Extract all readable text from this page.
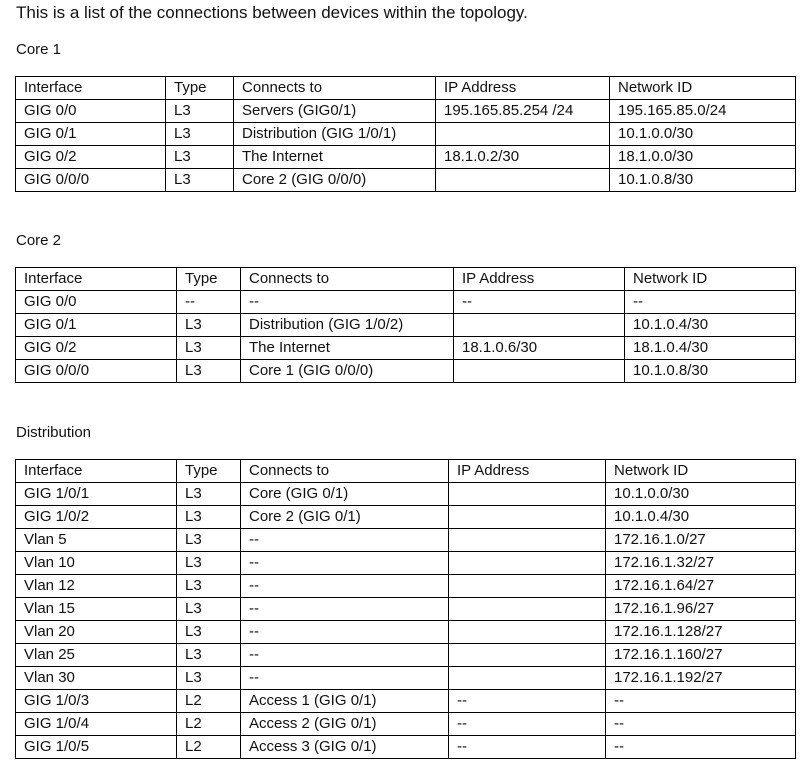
This is a list of the connections between devices within the topology.
Core 1
Interface	Type	Connects to	IP Address	Network ID
GIG 0/0	L3	Servers (GIG0/1)	195.165.85.254 /24	195.165.85.0/24
GIG 0/1	L3	Distribution (GIG 1/0/1)		10.1.0.0/30
GIG 0/2	L3	The Internet	18.1.0.2/30	18.1.0.0/30
GIG 0/0/0	L3	Core 2 (GIG 0/0/0)		10.1.0.8/30
Core 2
Interface	Type	Connects to	IP Address	Network ID
GIG 0/0	--	--	--	--
GIG 0/1	L3	Distribution (GIG 1/0/2)		10.1.0.4/30
GIG 0/2	L3	The Internet	18.1.0.6/30	18.1.0.4/30
GIG 0/0/0	L3	Core 1 (GIG 0/0/0)		10.1.0.8/30
Distribution
Interface	Type	Connects to	IP Address	Network ID
GIG 1/0/1	L3	Core (GIG 0/1)		10.1.0.0/30
GIG 1/0/2	L3	Core 2 (GIG 0/1)		10.1.0.4/30
Vlan 5	L3	--		172.16.1.0/27
Vlan 10	L3	--		172.16.1.32/27
Vlan 12	L3	--		172.16.1.64/27
Vlan 15	L3	--		172.16.1.96/27
Vlan 20	L3	--		172.16.1.128/27
Vlan 25	L3	--		172.16.1.160/27
Vlan 30	L3	--		172.16.1.192/27
GIG 1/0/3	L2	Access 1 (GIG 0/1)	--	--
GIG 1/0/4	L2	Access 2 (GIG 0/1)	--	--
GIG 1/0/5	L2	Access 3 (GIG 0/1)	--	--
